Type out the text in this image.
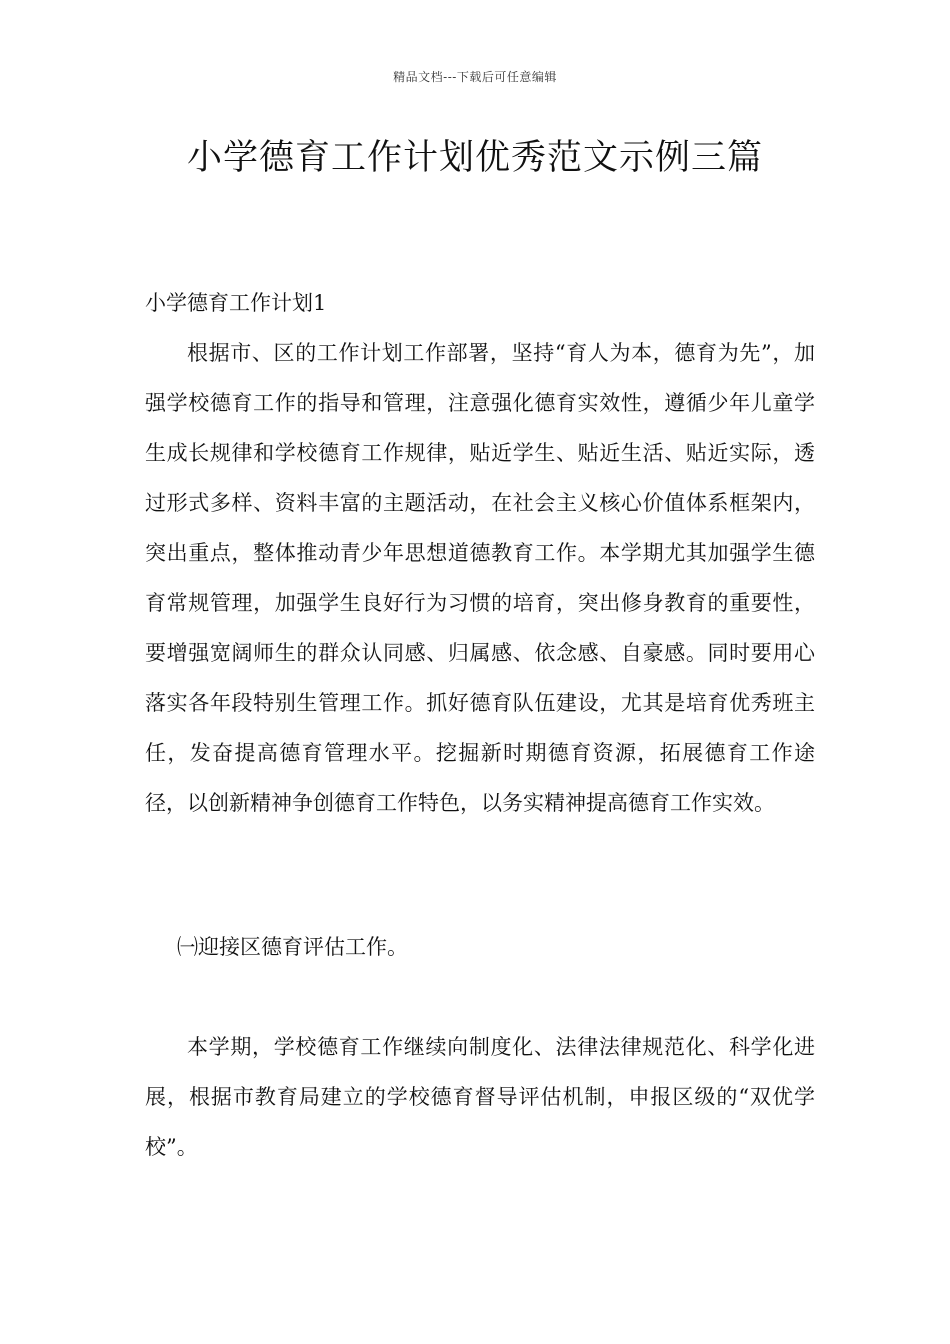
精品文档---下载后可任意编辑
小学德育工作计划优秀范文示例三篇
小学德育工作计划1

根据市、区的工作计划工作部署，坚持“育人为本，德育为先”，加强学校德育工作的指导和管理，注意强化德育实效性，遵循少年儿童学生成长规律和学校德育工作规律，贴近学生、贴近生活、贴近实际，透过形式多样、资料丰富的主题活动，在社会主义核心价值体系框架内，突出重点，整体推动青少年思想道德教育工作。本学期尤其加强学生德育常规管理，加强学生良好行为习惯的培育，突出修身教育的重要性，要增强宽阔师生的群众认同感、归属感、依念感、自豪感。同时要用心落实各年段特别生管理工作。抓好德育队伍建设，尤其是培育优秀班主任，发奋提高德育管理水平。挖掘新时期德育资源，拓展德育工作途径，以创新精神争创德育工作特色，以务实精神提高德育工作实效。

㈠迎接区德育评估工作。

本学期，学校德育工作继续向制度化、法律法律规范化、科学化进展，根据市教育局建立的学校德育督导评估机制，申报区级的“双优学校”。
